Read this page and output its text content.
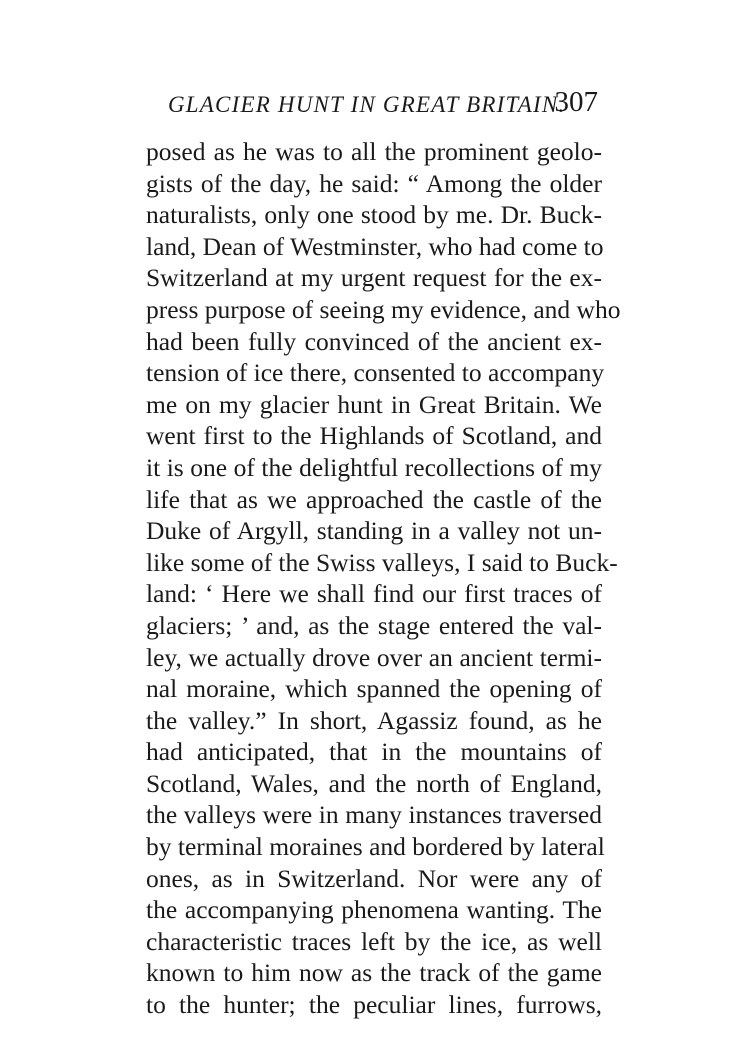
GLACIER HUNT IN GREAT BRITAIN.
307
posed as he was to all the prominent geolo-
gists of the day, he said: “ Among the older
naturalists, only one stood by me. Dr. Buck-
land, Dean of Westminster, who had come to
Switzerland at my urgent request for the ex-
press purpose of seeing my evidence, and who
had been fully convinced of the ancient ex-
tension of ice there, consented to accompany
me on my glacier hunt in Great Britain. We
went first to the Highlands of Scotland, and
it is one of the delightful recollections of my
life that as we approached the castle of the
Duke of Argyll, standing in a valley not un-
like some of the Swiss valleys, I said to Buck-
land: ‘ Here we shall find our first traces of
glaciers; ’ and, as the stage entered the val-
ley, we actually drove over an ancient termi-
nal moraine, which spanned the opening of
the valley.” In short, Agassiz found, as he
had anticipated, that in the mountains of
Scotland, Wales, and the north of England,
the valleys were in many instances traversed
by terminal moraines and bordered by lateral
ones, as in Switzerland. Nor were any of
the accompanying phenomena wanting. The
characteristic traces left by the ice, as well
known to him now as the track of the game
to the hunter; the peculiar lines, furrows,
